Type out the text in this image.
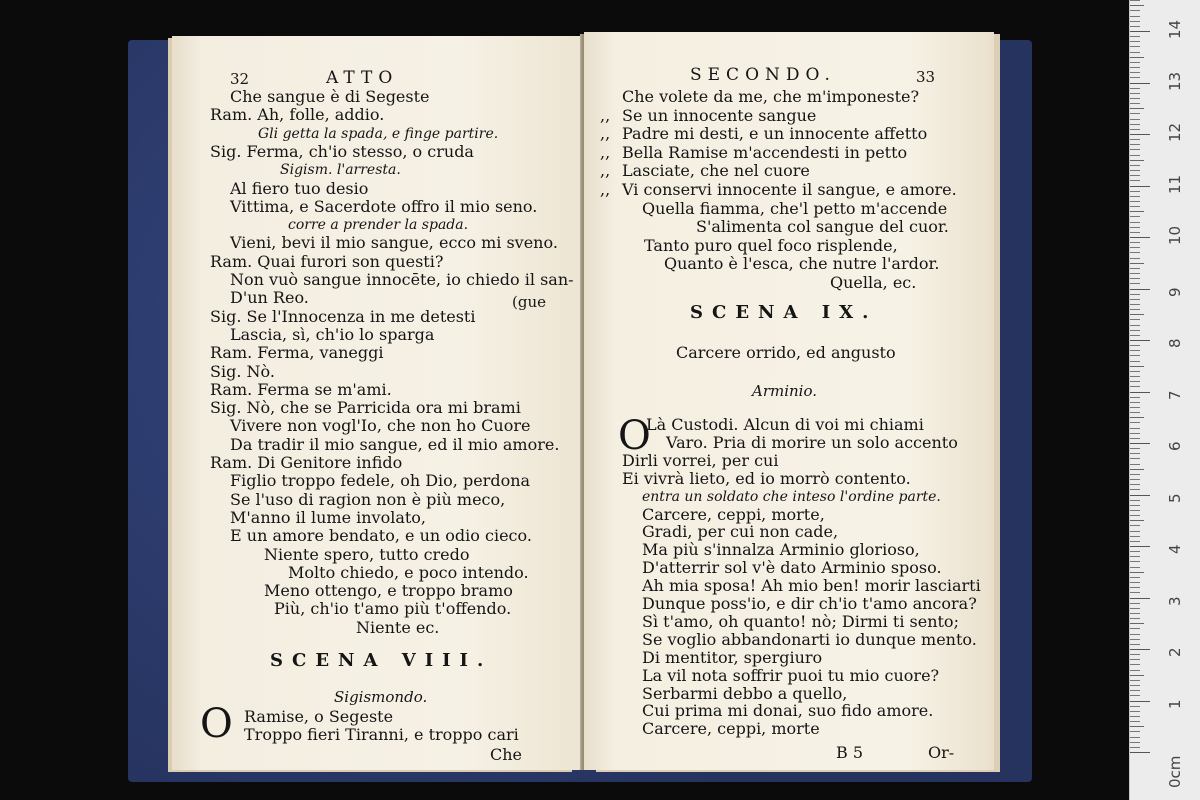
0cm
1
2
3
4
5
6
7
8
9
10
11
12
13
14
32	ATTO
Che sangue è di Segeste
Ram. Ah, folle, addio.
Gli getta la spada, e finge partire.
Sig. Ferma, ch'io stesso, o cruda
Sigism. l'arresta.
Al fiero tuo desio
Vittima, e Sacerdote offro il mio seno.
corre a prender la spada.
Vieni, bevi il mio sangue, ecco mi sveno.
Ram. Quai furori son questi?
Non vuò sangue innocēte, io chiedo il san-
D'un Reo.
Sig. Se l'Innocenza in me detesti
Lascia, sì, ch'io lo sparga
Ram. Ferma, vaneggi
Sig. Nò.
Ram. Ferma se m'ami.
Sig. Nò, che se Parricida ora mi brami
Vivere non vogl'Io, che non ho Cuore
Da tradir il mio sangue, ed il mio amore.
Ram. Di Genitore infido
Figlio troppo fedele, oh Dio, perdona
Se l'uso di ragion non è più meco,
M'anno il lume involato,
E un amore bendato, e un odio cieco.
Niente spero, tutto credo
Molto chiedo, e poco intendo.
Meno ottengo, e troppo bramo
Più, ch'io t'amo più t'offendo.
Niente ec.
(gue
SCENA VIII.
Sigismondo.
O Ramise, o Segeste
Troppo fieri Tiranni, e troppo cari
Che
SECONDO.	33
Che volete da me, che m'imponeste?
Se un innocente sangue
,,
Padre mi desti, e un innocente affetto
,,
Bella Ramise m'accendesti in petto
,,
Lasciate, che nel cuore
,,
Vi conservi innocente il sangue, e amore.
,,
Quella fiamma, che'l petto m'accende
S'alimenta col sangue del cuor.
Tanto puro quel foco risplende,
Quanto è l'esca, che nutre l'ardor.
Quella, ec.
SCENA IX.
Carcere orrido, ed angusto
Arminio.
O
Là Custodi. Alcun di voi mi chiami
Varo. Pria di morire un solo accento
Dirli vorrei, per cui
Ei vivrà lieto, ed io morrò contento.
entra un soldato che inteso l'ordine parte.
Carcere, ceppi, morte,
Gradi, per cui non cade,
Ma più s'innalza Arminio glorioso,
D'atterrir sol v'è dato Arminio sposo.
Ah mia sposa! Ah mio ben! morir lasciarti
Dunque poss'io, e dir ch'io t'amo ancora?
Sì t'amo, oh quanto! nò; Dirmi ti sento;
Se voglio abbandonarti io dunque mento.
Di mentitor, spergiuro
La vil nota soffrir puoi tu mio cuore?
Serbarmi debbo a quello,
Cui prima mi donai, suo fido amore.
Carcere, ceppi, morte
B 5	Or-
